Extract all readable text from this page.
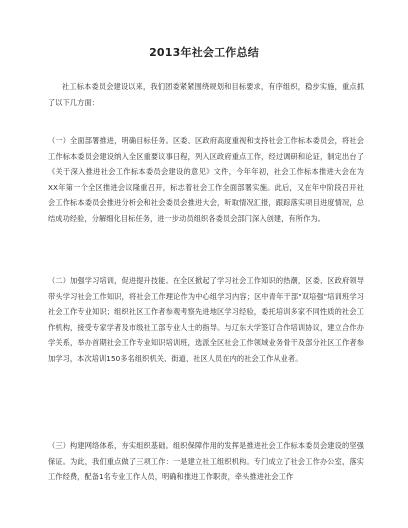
2013年社会工作总结
社工标本委员会建设以来，我们团委紧紧围绕规划和目标要求，有序组织，稳步实施，重点抓了以下几方面：
（一）全面部署推进，明确目标任务。区委、区政府高度重视和支持社会工作标本委员会，将社会工作标本委员会建设纳入全区重要议事日程，列入区政府重点工作，经过调研和论证，制定出台了《关于深入推进社会工作标本委员会建设的意见》文件，今年年初，社会工作标本推进大会在为XX年第一个全区推进会议隆重召开，标志着社会工作全面部署实施。此后，又在年中阶段召开社会工作标本委员会推进分析会和社会委员会推进大会，听取情况汇报，跟踪落实项目进度情况，总结成功经验，分解细化目标任务，进一步动员组织各委员会部门深入创建，有所作为。
（二）加强学习培训，促进提升技能。在全区掀起了学习社会工作知识的热潮，区委、区政府领导带头学习社会工作知识，将社会工作理论作为中心组学习内容；区中青年干部"双培强"培训班学习社会工作专业知识；组织社区工作者参观考察先进地区学习经验，委托培训多家不同性质的社会工作机构，接受专家学者及市级社工部专业人士的指导。与辽东大学签订合作培训协议，建立合作办学关系，举办首期社会工作专业知识培训班，选派全区社会工作领域业务骨干及部分社区工作者参加学习，本次培训150多名组织机关、街道、社区人员在内的社会工作从业者。
（三）构建网络体系，夯实组织基础。组织保障作用的发挥是推进社会工作标本委员会建设的坚强保证。为此，我们重点做了三项工作：一是建立社工组织机构。专门成立了社会工作办公室，落实工作经费，配备1名专业工作人员，明确和推进工作职责，牵头推进社会工作
